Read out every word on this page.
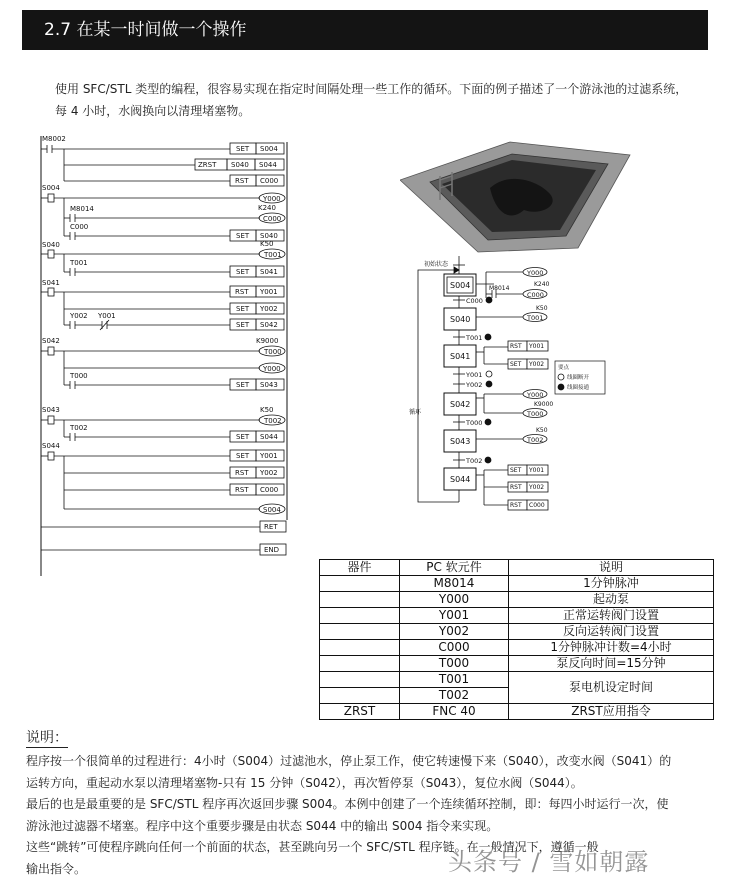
2.7 在某一时间做一个操作
使用 SFC/STL 类型的编程，很容易实现在指定时间隔处理一些工作的循环。下面的例子描述了一个游泳池的过滤系统，
每 4 小时，水阀换向以清理堵塞物。
M8002
SET S004
ZRST S040 S044
RST C000
S004
Y000
M8014	K240
C000
C000
SET S040
S040	K50
T001
T001
SET S041
S041
RST Y001
SET Y002
Y002 Y001
SET S042
S042	K9000
T000
Y000
T000
SET S043
S043	K50
T002
T002
SET S044
S044
SET Y001
RST Y002
RST C000
S004
RET
END
初始状态
循环
S004
Y000
M8014
K240
C000
C000
S040
K50
T001
T001
S041
RST Y001
SET Y002	要点
线圈断开
线圈接通
Y001
Y002
S042
Y000
K9000
T000
T000
S043
K50
T002
T002
S044
SET Y001
RST Y002
RST C000
器件	PC 软元件	说明
	M8014	1分钟脉冲
	Y000	起动泵
	Y001	正常运转阀门设置
	Y002	反向运转阀门设置
	C000	1分钟脉冲计数=4小时
	T000	泵反向时间=15分钟
	T001	泵电机设定时间
	T002	
ZRST	FNC 40	ZRST应用指令
说明：

程序按一个很简单的过程进行：4小时（S004）过滤池水，停止泵工作，使它转速慢下来（S040），改变水阀（S041）的

运转方向，重起动水泵以清理堵塞物-只有 15 分钟（S042），再次暂停泵（S043），复位水阀（S044）。

最后的也是最重要的是 SFC/STL 程序再次返回步骤 S004。本例中创建了一个连续循环控制，即：每四小时运行一次，使

游泳池过滤器不堵塞。程序中这个重要步骤是由状态 S044 中的输出 S004 指令来实现。

这些“跳转”可使程序跳向任何一个前面的状态，甚至跳向另一个 SFC/STL 程序链。在一般情况下，遵循一般

输出指令。	头条号 / 雪如朝露
